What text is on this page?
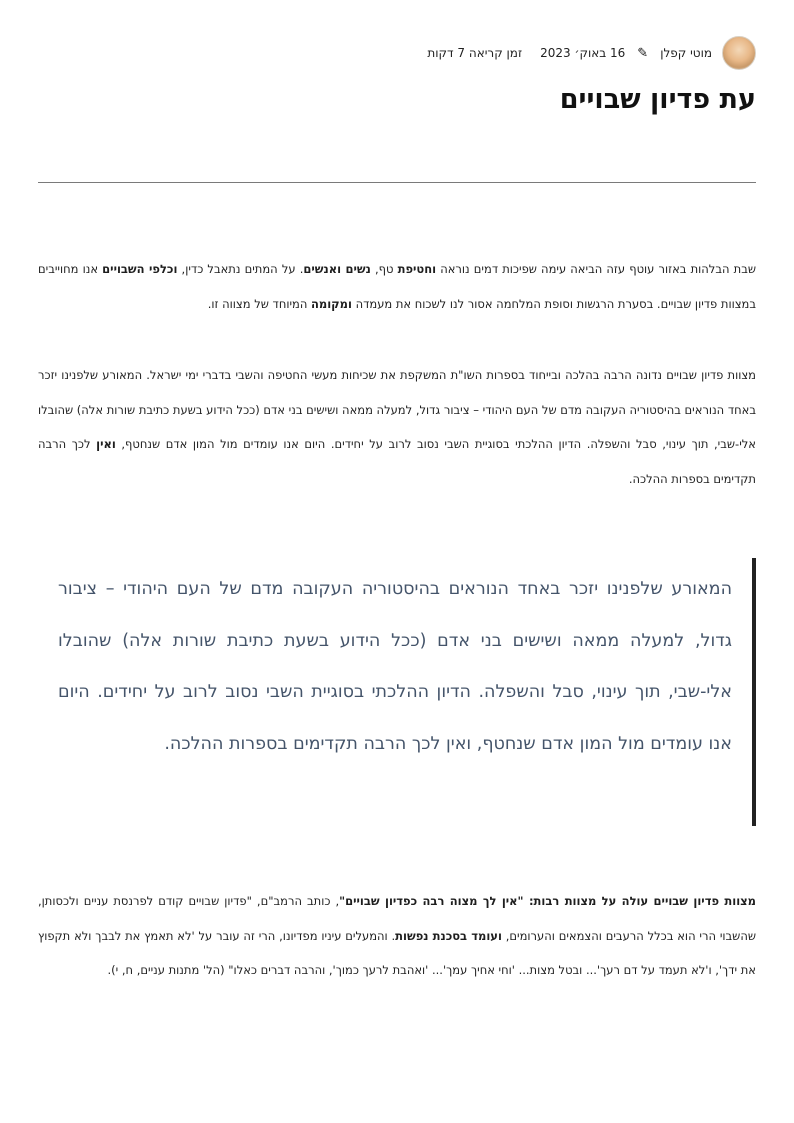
מוטי קפלן
✎
16 באוק׳ 2023
זמן קריאה 7 דקות
עת פדיון שבויים

שבת הבלהות באזור עוטף עזה הביאה עימה שפיכות דמים נוראה וחטיפת טף, נשים ואנשים. על המתים נתאבל כדין, וכלפי השבויים אנו מחוייבים במצוות פדיון שבויים. בסערת הרגשות וסופת המלחמה אסור לנו לשכוח את מעמדה ומקומה המיוחד של מצווה זו.

מצוות פדיון שבויים נדונה הרבה בהלכה ובייחוד בספרות השו"ת המשקפת את שכיחות מעשי החטיפה והשבי בדברי ימי ישראל. המאורע שלפנינו יזכר באחד הנוראים בהיסטוריה העקובה מדם של העם היהודי – ציבור גדול, למעלה ממאה ושישים בני אדם (ככל הידוע בשעת כתיבת שורות אלה) שהובלו אלי-שבי, תוך עינוי, סבל והשפלה. הדיון ההלכתי בסוגיית השבי נסוב לרוב על יחידים. היום אנו עומדים מול המון אדם שנחטף, ואין לכך הרבה תקדימים בספרות ההלכה.

המאורע שלפנינו יזכר באחד הנוראים בהיסטוריה העקובה מדם של העם היהודי – ציבור גדול, למעלה ממאה ושישים בני אדם (ככל הידוע בשעת כתיבת שורות אלה) שהובלו אלי-שבי, תוך עינוי, סבל והשפלה. הדיון ההלכתי בסוגיית השבי נסוב לרוב על יחידים. היום אנו עומדים מול המון אדם שנחטף, ואין לכך הרבה תקדימים בספרות ההלכה.

מצוות פדיון שבויים עולה על מצוות רבות: "אין לך מצוה רבה כפדיון שבויים", כותב הרמב"ם, "פדיון שבויים קודם לפרנסת עניים ולכסותן, שהשבוי הרי הוא בכלל הרעבים והצמאים והערומים, ועומד בסכנת נפשות. והמעלים עיניו מפדיונו, הרי זה עובר על 'לא תאמץ את לבבך ולא תקפוץ את ידך', ו'לא תעמד על דם רעך'... ובטל מצות... 'וחי אחיך עמך'... 'ואהבת לרעך כמוך', והרבה דברים כאלו" (הל' מתנות עניים, ח, י).
